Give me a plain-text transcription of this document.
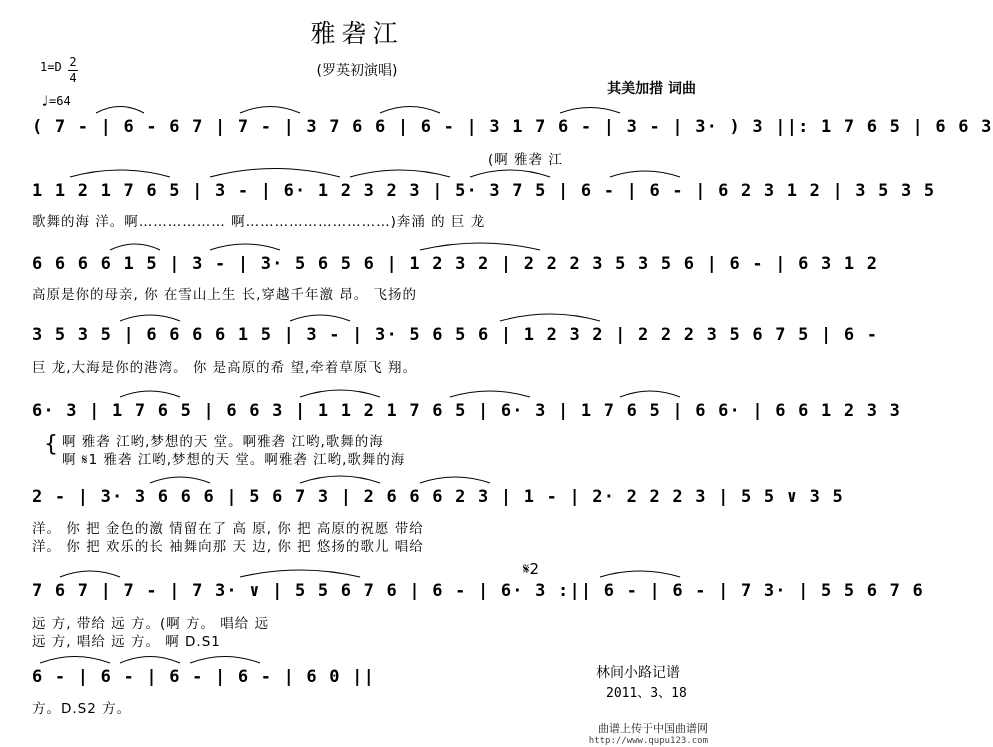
雅砻江
(罗英初演唱)
其美加措 词曲
1=D 2
4
♩=64
( 7 - | 6 - 6 7 | 7 - | 3 7 6 6 | 6 - | 3 1 7 6 - | 3 - | 3· ) 3 ||: 1 7 6 5 | 6 6 3
(啊 雅砻 江
1 1 2 1 7 6 5 | 3 - | 6· 1 2 3 2 3 | 5· 3 7 5 | 6 - | 6 - | 6 2 3 1 2 | 3 5 3 5
歌舞的海 洋。啊……………… 啊…………………………)奔涌 的 巨 龙
6 6 6 6 1 5 | 3 - | 3· 5 6 5 6 | 1 2 3 2 | 2 2 2 3 5 3 5 6 | 6 - | 6 3 1 2
高原是你的母亲, 你 在雪山上生 长,穿越千年激 昂。 飞扬的
3 5 3 5 | 6 6 6 6 1 5 | 3 - | 3· 5 6 5 6 | 1 2 3 2 | 2 2 2 3 5 6 7 5 | 6 -
巨 龙,大海是你的港湾。 你 是高原的希 望,牵着草原飞 翔。
6· 3 | 1 7 6 5 | 6 6 3 | 1 1 2 1 7 6 5 | 6· 3 | 1 7 6 5 | 6 6· | 6 6 1 2 3 3
{ 啊 雅砻 江哟,梦想的天 堂。啊雅砻 江哟,歌舞的海
啊 𝄋1 雅砻 江哟,梦想的天 堂。啊雅砻 江哟,歌舞的海
2 - | 3· 3 6 6 6 | 5 6 7 3 | 2 6 6 6 2 3 | 1 - | 2· 2 2 2 3 | 5 5 ∨ 3 5
洋。 你 把 金色的激 情留在了 高 原, 你 把 高原的祝愿 带给
洋。 你 把 欢乐的长 袖舞向那 天 边, 你 把 悠扬的歌儿 唱给
𝄋2
7 6 7 | 7 - | 7 3· ∨ | 5 5 6 7 6 | 6 - | 6· 3 :|| 6 - | 6 - | 7 3· | 5 5 6 7 6
远 方, 带给 远 方。(啊 方。 唱给 远
远 方, 唱给 远 方。 啊 D.S1
6 - | 6 - | 6 - | 6 - | 6 0 ||
方。D.S2 方。
林间小路记谱
2011、3、18
曲谱上传于中国曲谱网
http://www.qupu123.com
